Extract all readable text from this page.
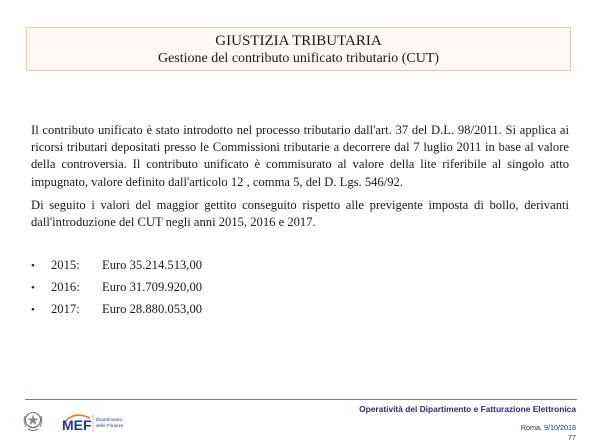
GIUSTIZIA TRIBUTARIA
Gestione del contributo unificato tributario (CUT)

Il contributo unificato è stato introdotto nel processo tributario dall'art. 37 del D.L. 98/2011. Si applica ai ricorsi tributari depositati presso le Commissioni tributarie a decorrere dal 7 luglio 2011 in base al valore della controversia. Il contributo unificato è commisurato al valore della lite riferibile al singolo atto impugnato, valore definito dall'articolo 12 , comma 5, del D. Lgs. 546/92.

Di seguito i valori del maggior gettito conseguito rispetto alle previgente imposta di bollo, derivanti dall'introduzione del CUT negli anni 2015, 2016 e 2017.

•	2015:	Euro 35.214.513,00
•	2016:	Euro 31.709.920,00
•	2017:	Euro 28.880.053,00
MEF Dipartimento
delle Finanze
Operatività del Dipartimento e Fatturazione Elettronica
Roma, 9/10/2018
77
